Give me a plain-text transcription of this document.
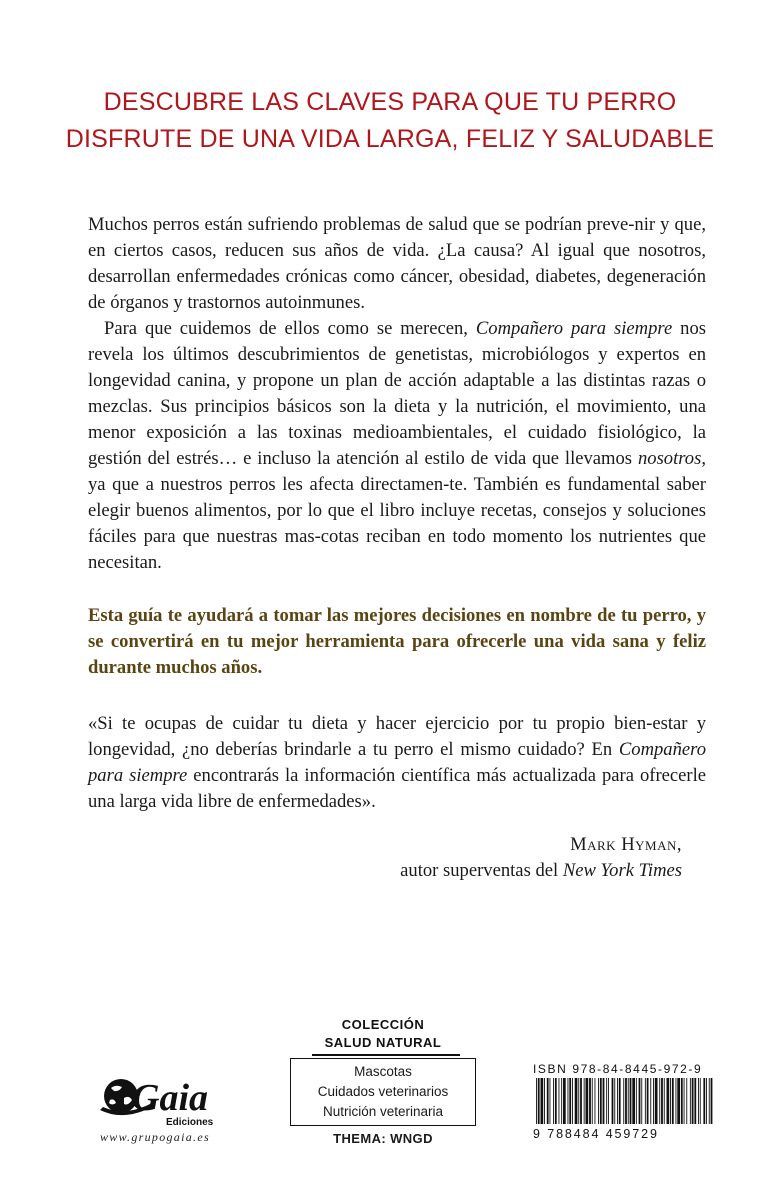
DESCUBRE LAS CLAVES PARA QUE TU PERRO
DISFRUTE DE UNA VIDA LARGA, FELIZ Y SALUDABLE
Muchos perros están sufriendo problemas de salud que se podrían preve-nir y que, en ciertos casos, reducen sus años de vida. ¿La causa? Al igual que nosotros, desarrollan enfermedades crónicas como cáncer, obesidad, diabetes, degeneración de órganos y trastornos autoinmunes.
Para que cuidemos de ellos como se merecen, Compañero para siempre nos revela los últimos descubrimientos de genetistas, microbiólogos y expertos en longevidad canina, y propone un plan de acción adaptable a las distintas razas o mezclas. Sus principios básicos son la dieta y la nutrición, el movimiento, una menor exposición a las toxinas medioambientales, el cuidado fisiológico, la gestión del estrés… e incluso la atención al estilo de vida que llevamos nosotros, ya que a nuestros perros les afecta directamen-te. También es fundamental saber elegir buenos alimentos, por lo que el libro incluye recetas, consejos y soluciones fáciles para que nuestras mas-cotas reciban en todo momento los nutrientes que necesitan.
Esta guía te ayudará a tomar las mejores decisiones en nombre de tu perro, y se convertirá en tu mejor herramienta para ofrecerle una vida sana y feliz durante muchos años.
«Si te ocupas de cuidar tu dieta y hacer ejercicio por tu propio bien-estar y longevidad, ¿no deberías brindarle a tu perro el mismo cuidado? En Compañero para siempre encontrarás la información científica más actualizada para ofrecerle una larga vida libre de enfermedades».
Mark Hyman,
autor superventas del New York Times
COLECCIÓN
SALUD NATURAL
Mascotas
Cuidados veterinarios
Nutrición veterinaria
THEMA: WNGD
Gaia
Ediciones
www.grupogaia.es
ISBN 978-84-8445-972-9
9 788484 459729
